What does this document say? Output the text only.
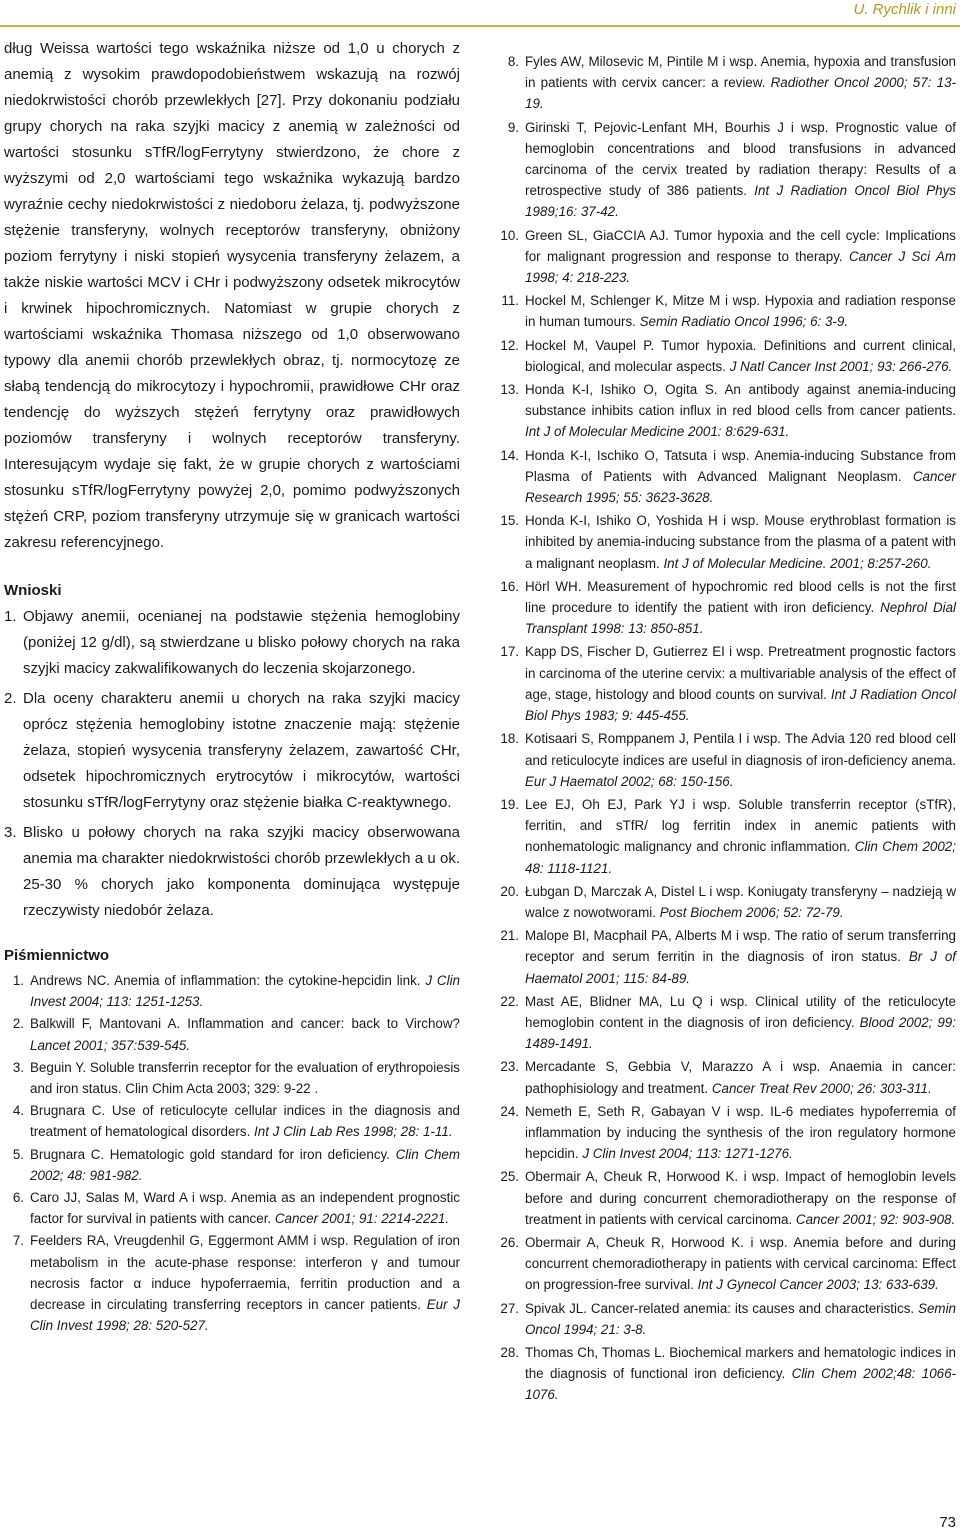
U. Rychlik i inni

dług Weissa wartości tego wskaźnika niższe od 1,0 u chorych z anemią z wysokim prawdopodobieństwem wskazują na rozwój niedokrwistości chorób przewlekłych [27]. Przy dokonaniu podziału grupy chorych na raka szyjki macicy z anemią w zależności od wartości stosunku sTfR/logFerrytyny stwierdzono, że chore z wyższymi od 2,0 wartościami tego wskaźnika wykazują bardzo wyraźnie cechy niedokrwistości z niedoboru żelaza, tj. podwyższone stężenie transferyny, wolnych receptorów transferyny, obniżony poziom ferrytyny i niski stopień wysycenia transferyny żelazem, a także niskie wartości MCV i CHr i podwyższony odsetek mikrocytów i krwinek hipochromicznych. Natomiast w grupie chorych z wartościami wskaźnika Thomasa niższego od 1,0 obserwowano typowy dla anemii chorób przewlekłych obraz, tj. normocytozę ze słabą tendencją do mikrocytozy i hypochromii, prawidłowe CHr oraz tendencję do wyższych stężeń ferrytyny oraz prawidłowych poziomów transferyny i wolnych receptorów transferyny. Interesującym wydaje się fakt, że w grupie chorych z wartościami stosunku sTfR/logFerrytyny powyżej 2,0, pomimo podwyższonych stężeń CRP, poziom transferyny utrzymuje się w granicach wartości zakresu referencyjnego.

Wnioski
1. Objawy anemii, ocenianej na podstawie stężenia hemoglobiny (poniżej 12 g/dl), są stwierdzane u blisko połowy chorych na raka szyjki macicy zakwalifikowanych do leczenia skojarzonego.
2. Dla oceny charakteru anemii u chorych na raka szyjki macicy oprócz stężenia hemoglobiny istotne znaczenie mają: stężenie żelaza, stopień wysycenia transferyny żelazem, zawartość CHr, odsetek hipochromicznych erytrocytów i mikrocytów, wartości stosunku sTfR/logFerrytyny oraz stężenie białka C-reaktywnego.
3. Blisko u połowy chorych na raka szyjki macicy obserwowana anemia ma charakter niedokrwistości chorób przewlekłych a u ok. 25-30 % chorych jako komponenta dominująca występuje rzeczywisty niedobór żelaza.
Piśmiennictwo
1. Andrews NC. Anemia of inflammation: the cytokine-hepcidin link. J Clin Invest 2004; 113: 1251-1253.
2. Balkwill F, Mantovani A. Inflammation and cancer: back to Virchow? Lancet 2001; 357:539-545.
3. Beguin Y. Soluble transferrin receptor for the evaluation of erythropoiesis and iron status. Clin Chim Acta 2003; 329: 9-22 .
4. Brugnara C. Use of reticulocyte cellular indices in the diagnosis and treatment of hematological disorders. Int J Clin Lab Res 1998; 28: 1-11.
5. Brugnara C. Hematologic gold standard for iron deficiency. Clin Chem 2002; 48: 981-982.
6. Caro JJ, Salas M, Ward A i wsp. Anemia as an independent prognostic factor for survival in patients with cancer. Cancer 2001; 91: 2214-2221.
7. Feelders RA, Vreugdenhil G, Eggermont AMM i wsp. Regulation of iron metabolism in the acute-phase response: interferon γ and tumour necrosis factor α induce hypoferraemia, ferritin production and a decrease in circulating transferring receptors in cancer patients. Eur J Clin Invest 1998; 28: 520-527.
8. Fyles AW, Milosevic M, Pintile M i wsp. Anemia, hypoxia and transfusion in patients with cervix cancer: a review. Radiother Oncol 2000; 57: 13-19.
9. Girinski T, Pejovic-Lenfant MH, Bourhis J i wsp. Prognostic value of hemoglobin concentrations and blood transfusions in advanced carcinoma of the cervix treated by radiation therapy: Results of a retrospective study of 386 patients. Int J Radiation Oncol Biol Phys 1989;16: 37-42.
10. Green SL, GiaCCIA AJ. Tumor hypoxia and the cell cycle: Implications for malignant progression and response to therapy. Cancer J Sci Am 1998; 4: 218-223.
11. Hockel M, Schlenger K, Mitze M i wsp. Hypoxia and radiation response in human tumours. Semin Radiatio Oncol 1996; 6: 3-9.
12. Hockel M, Vaupel P. Tumor hypoxia. Definitions and current clinical, biological, and molecular aspects. J Natl Cancer Inst 2001; 93: 266-276.
13. Honda K-I, Ishiko O, Ogita S. An antibody against anemia-inducing substance inhibits cation influx in red blood cells from cancer patients. Int J of Molecular Medicine 2001: 8:629-631.
14. Honda K-I, Ischiko O, Tatsuta i wsp. Anemia-inducing Substance from Plasma of Patients with Advanced Malignant Neoplasm. Cancer Research 1995; 55: 3623-3628.
15. Honda K-I, Ishiko O, Yoshida H i wsp. Mouse erythroblast formation is inhibited by anemia-inducing substance from the plasma of a patent with a malignant neoplasm. Int J of Molecular Medicine. 2001; 8:257-260.
16. Hörl WH. Measurement of hypochromic red blood cells is not the first line procedure to identify the patient with iron deficiency. Nephrol Dial Transplant 1998: 13: 850-851.
17. Kapp DS, Fischer D, Gutierrez EI i wsp. Pretreatment prognostic factors in carcinoma of the uterine cervix: a multivariable analysis of the effect of age, stage, histology and blood counts on survival. Int J Radiation Oncol Biol Phys 1983; 9: 445-455.
18. Kotisaari S, Romppanem J, Pentila I i wsp. The Advia 120 red blood cell and reticulocyte indices are useful in diagnosis of iron-deficiency anema. Eur J Haematol 2002; 68: 150-156.
19. Lee EJ, Oh EJ, Park YJ i wsp. Soluble transferrin receptor (sTfR), ferritin, and sTfR/ log ferritin index in anemic patients with nonhematologic malignancy and chronic inflammation. Clin Chem 2002; 48: 1118-1121.
20. Łubgan D, Marczak A, Distel L i wsp. Koniugaty transferyny – nadzieją w walce z nowotworami. Post Biochem 2006; 52: 72-79.
21. Malope BI, Macphail PA, Alberts M i wsp. The ratio of serum transferring receptor and serum ferritin in the diagnosis of iron status. Br J of Haematol 2001; 115: 84-89.
22. Mast AE, Blidner MA, Lu Q i wsp. Clinical utility of the reticulocyte hemoglobin content in the diagnosis of iron deficiency. Blood 2002; 99: 1489-1491.
23. Mercadante S, Gebbia V, Marazzo A i wsp. Anaemia in cancer: pathophisiology and treatment. Cancer Treat Rev 2000; 26: 303-311.
24. Nemeth E, Seth R, Gabayan V i wsp. IL-6 mediates hypoferremia of inflammation by inducing the synthesis of the iron regulatory hormone hepcidin. J Clin Invest 2004; 113: 1271-1276.
25. Obermair A, Cheuk R, Horwood K. i wsp. Impact of hemoglobin levels before and during concurrent chemoradiotherapy on the response of treatment in patients with cervical carcinoma. Cancer 2001; 92: 903-908.
26. Obermair A, Cheuk R, Horwood K. i wsp. Anemia before and during concurrent chemoradiotherapy in patients with cervical carcinoma: Effect on progression-free survival. Int J Gynecol Cancer 2003; 13: 633-639.
27. Spivak JL. Cancer-related anemia: its causes and characteristics. Semin Oncol 1994; 21: 3-8.
28. Thomas Ch, Thomas L. Biochemical markers and hematologic indices in the diagnosis of functional iron deficiency. Clin Chem 2002;48: 1066-1076.
73
